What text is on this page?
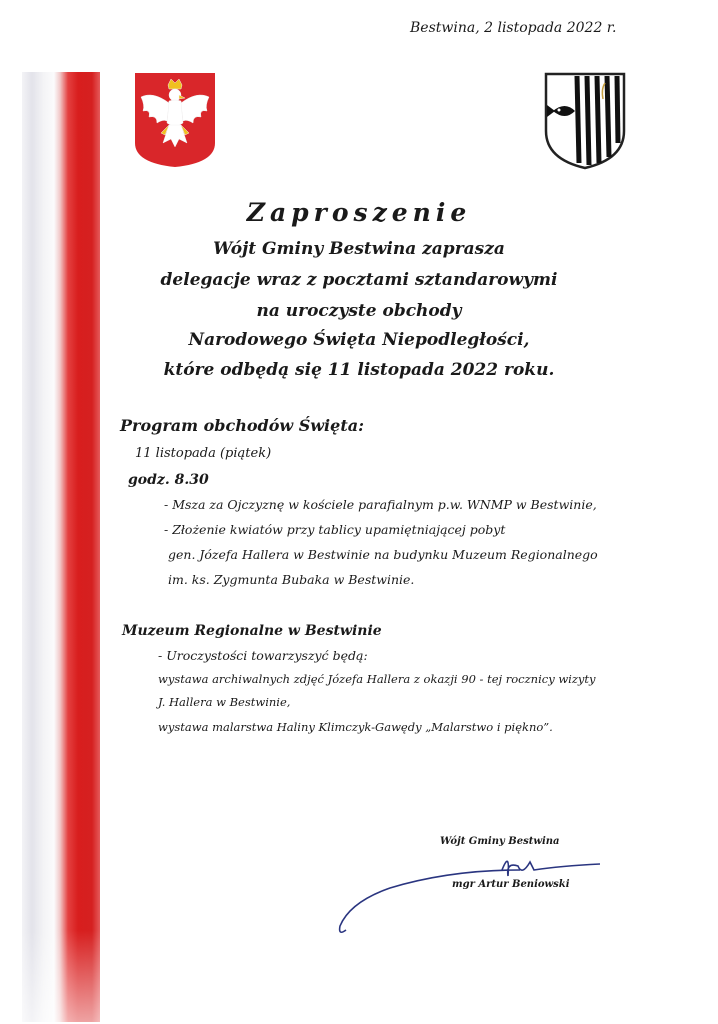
Bestwina, 2 listopada 2022 r.
Zaproszenie
Wójt Gminy Bestwina zaprasza
delegacje wraz z pocztami sztandarowymi
na uroczyste obchody
Narodowego Święta Niepodległości,
które odbędą się 11 listopada 2022 roku.
Program obchodów Święta:
11 listopada (piątek)
godz. 8.30
- Msza za Ojczyznę w kościele parafialnym p.w. WNMP w Bestwinie,
- Złożenie kwiatów przy tablicy upamiętniającej pobyt
gen. Józefa Hallera w Bestwinie na budynku Muzeum Regionalnego
im. ks. Zygmunta Bubaka w Bestwinie.
Muzeum Regionalne w Bestwinie
- Uroczystości towarzyszyć będą:
wystawa archiwalnych zdjęć Józefa Hallera z okazji 90 - tej rocznicy wizyty
J. Hallera w Bestwinie,
wystawa malarstwa Haliny Klimczyk-Gawędy „Malarstwo i piękno”.
Wójt Gminy Bestwina
mgr Artur Beniowski
